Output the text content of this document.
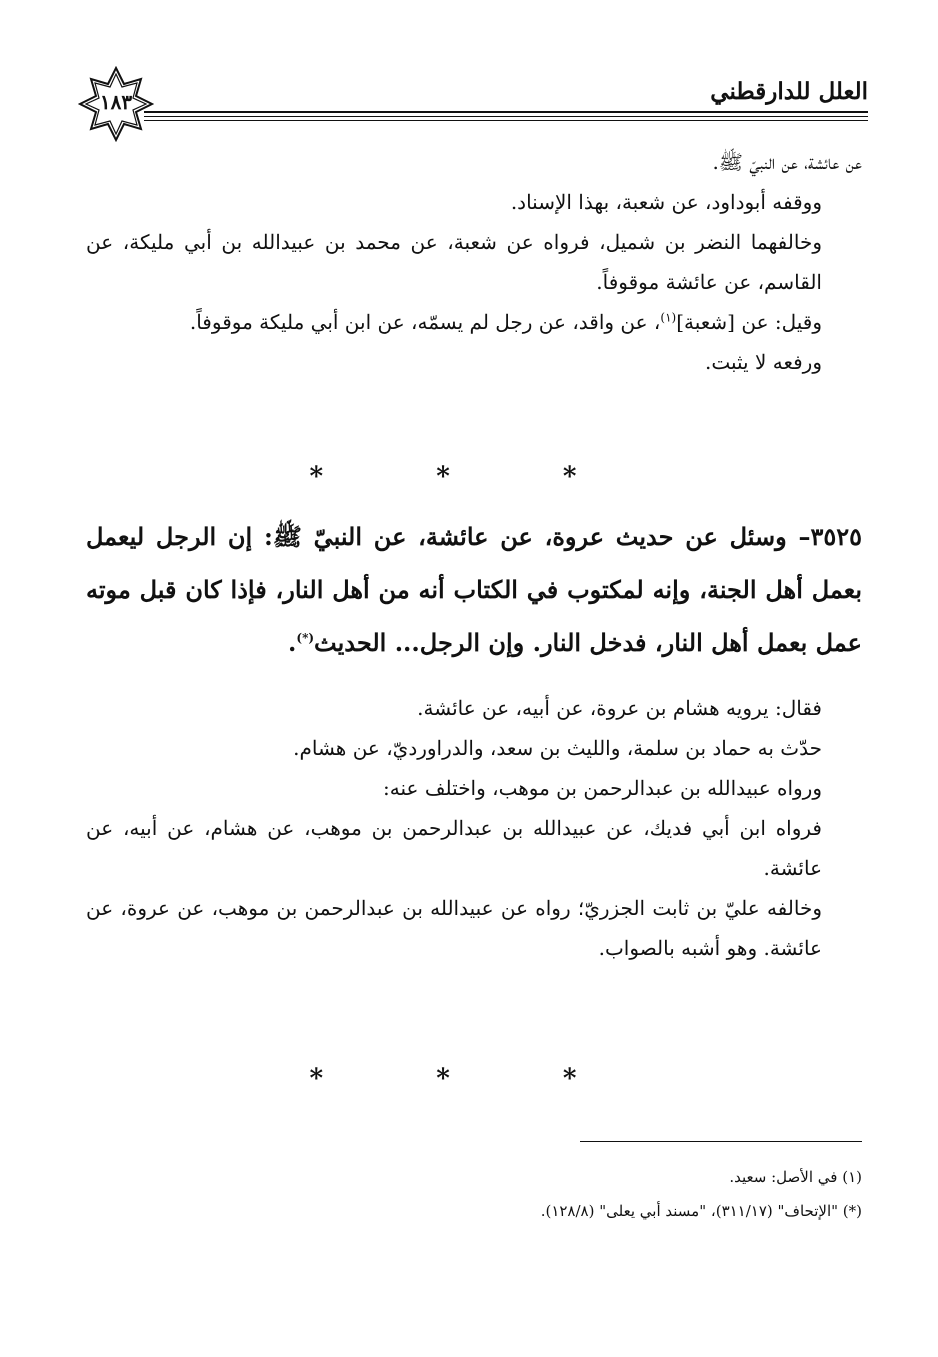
العلل للدارقطني
١٨٣

عن عائشة، عن النبيّ ﷺ.

ووقفه أبوداود، عن شعبة، بهذا الإسناد.

وخالفهما النضر بن شميل، فرواه عن شعبة، عن محمد بن عبيدالله بن أبي مليكة، عن القاسم، عن عائشة موقوفاً.

وقيل: عن [شعبة]$^{(١)}$، عن واقد، عن رجل لم يسمّه، عن ابن أبي مليكة موقوفاً.

ورفعه لا يثبت.

* * *
٣٥٢٥– وسئل عن حديث عروة، عن عائشة، عن النبيّ ﷺ: إن الرجل ليعمل بعمل أهل الجنة، وإنه لمكتوب في الكتاب أنه من أهل النار، فإذا كان قبل موته عمل بعمل أهل النار، فدخل النار. وإن الرجل... الحديث(*).

فقال: يرويه هشام بن عروة، عن أبيه، عن عائشة.

حدّث به حماد بن سلمة، والليث بن سعد، والدراورديّ، عن هشام.

ورواه عبيدالله بن عبدالرحمن بن موهب، واختلف عنه:

فرواه ابن أبي فديك، عن عبيدالله بن عبدالرحمن بن موهب، عن هشام، عن أبيه، عن عائشة.

وخالفه عليّ بن ثابت الجزريّ؛ رواه عن عبيدالله بن عبدالرحمن بن موهب، عن عروة، عن عائشة. وهو أشبه بالصواب.

* * *
(١) في الأصل: سعيد.
(*) "الإتحاف" (٣١١/١٧)، "مسند أبي يعلى" (١٢٨/٨).
